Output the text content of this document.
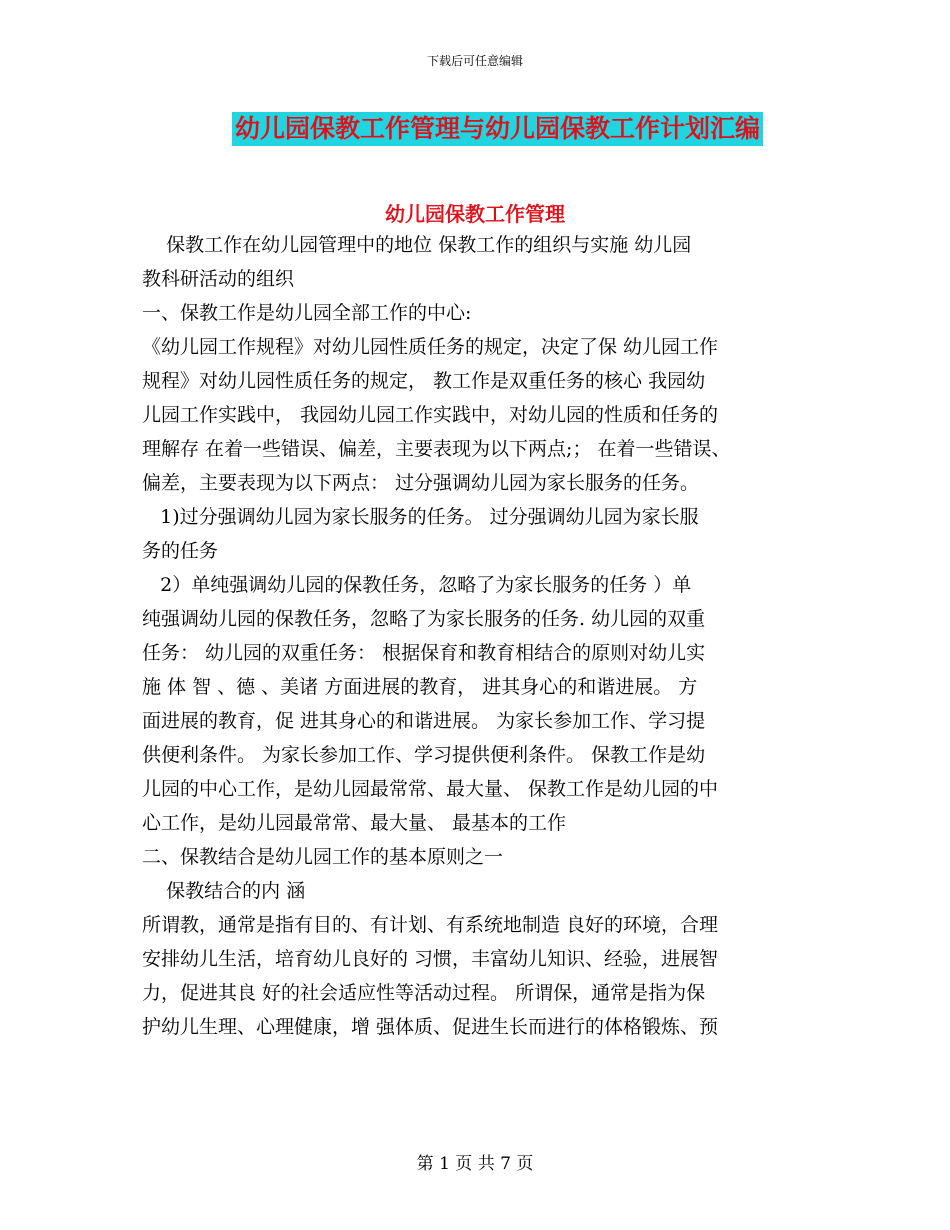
下载后可任意编辑
幼儿园保教工作管理与幼儿园保教工作计划汇编
幼儿园保教工作管理
保教工作在幼儿园管理中的地位 保教工作的组织与实施 幼儿园
教科研活动的组织
一、保教工作是幼儿园全部工作的中心:
《幼儿园工作规程》对幼儿园性质任务的规定，决定了保 幼儿园工作
规程》对幼儿园性质任务的规定， 教工作是双重任务的核心 我园幼
儿园工作实践中， 我园幼儿园工作实践中，对幼儿园的性质和任务的
理解存 在着一些错误、偏差，主要表现为以下两点;； 在着一些错误、
偏差，主要表现为以下两点： 过分强调幼儿园为家长服务的任务。
1)过分强调幼儿园为家长服务的任务。 过分强调幼儿园为家长服
务的任务
2）单纯强调幼儿园的保教任务，忽略了为家长服务的任务 ）单
纯强调幼儿园的保教任务，忽略了为家长服务的任务. 幼儿园的双重
任务： 幼儿园的双重任务： 根据保育和教育相结合的原则对幼儿实
施 体 智 、德 、美诸 方面进展的教育， 进其身心的和谐进展。 方
面进展的教育，促 进其身心的和谐进展。 为家长参加工作、学习提
供便利条件。 为家长参加工作、学习提供便利条件。 保教工作是幼
儿园的中心工作，是幼儿园最常常、最大量、 保教工作是幼儿园的中
心工作，是幼儿园最常常、最大量、 最基本的工作
二、保教结合是幼儿园工作的基本原则之一
保教结合的内 涵
所谓教，通常是指有目的、有计划、有系统地制造 良好的环境，合理
安排幼儿生活，培育幼儿良好的 习惯，丰富幼儿知识、经验，进展智
力，促进其良 好的社会适应性等活动过程。 所谓保，通常是指为保
护幼儿生理、心理健康，增 强体质、促进生长而进行的体格锻炼、预
第 1 页 共 7 页
